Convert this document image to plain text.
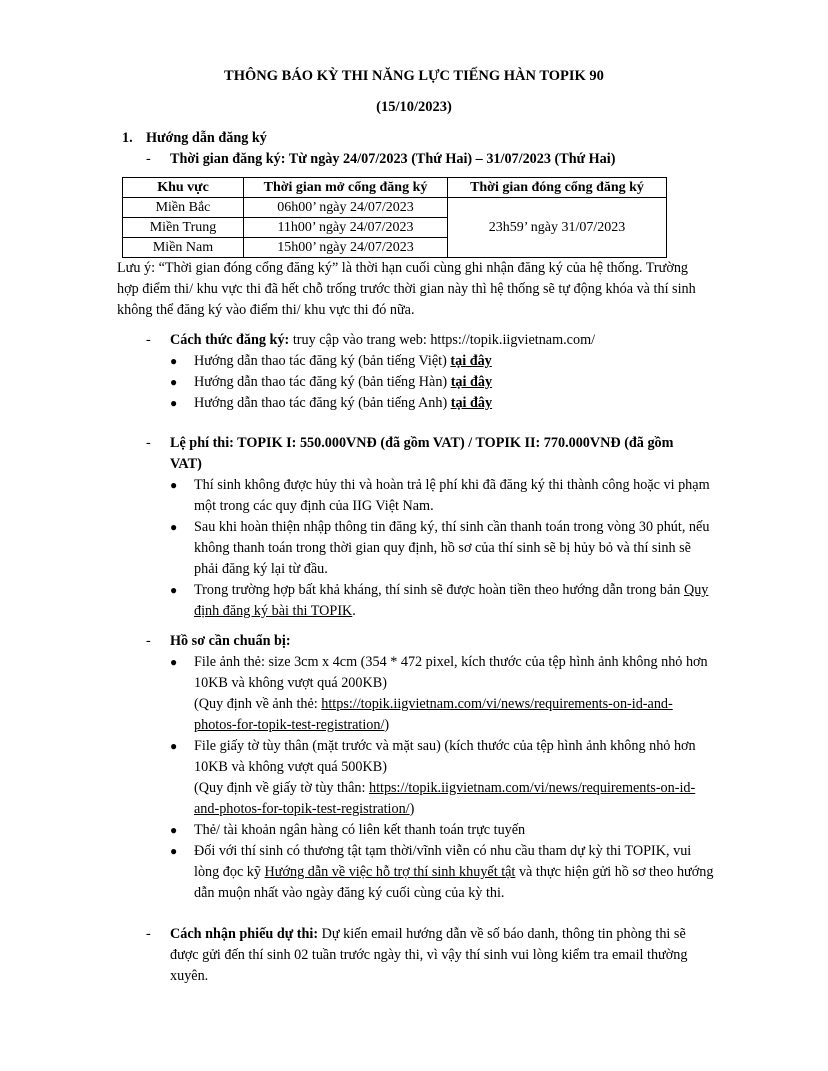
THÔNG BÁO KỲ THI NĂNG LỰC TIẾNG HÀN TOPIK 90
(15/10/2023)
1. Hướng dẫn đăng ký
- Thời gian đăng ký: Từ ngày 24/07/2023 (Thứ Hai) – 31/07/2023 (Thứ Hai)
Khu vực	Thời gian mở cổng đăng ký	Thời gian đóng cổng đăng ký
Miền Bắc	06h00’ ngày 24/07/2023	23h59’ ngày 31/07/2023
Miền Trung	11h00’ ngày 24/07/2023	
Miền Nam	15h00’ ngày 24/07/2023	
Lưu ý: “Thời gian đóng cổng đăng ký” là thời hạn cuối cùng ghi nhận đăng ký của hệ thống. Trường
hợp điểm thi/ khu vực thi đã hết chỗ trống trước thời gian này thì hệ thống sẽ tự động khóa và thí sinh
không thể đăng ký vào điểm thi/ khu vực thi đó nữa.
- Cách thức đăng ký: truy cập vào trang web: https://topik.iigvietnam.com/
● Hướng dẫn thao tác đăng ký (bản tiếng Việt) tại đây
● Hướng dẫn thao tác đăng ký (bản tiếng Hàn) tại đây
● Hướng dẫn thao tác đăng ký (bản tiếng Anh) tại đây
- Lệ phí thi: TOPIK I: 550.000VNĐ (đã gồm VAT) / TOPIK II: 770.000VNĐ (đã gồm
VAT)
● Thí sinh không được hủy thi và hoàn trả lệ phí khi đã đăng ký thi thành công hoặc vi phạm
một trong các quy định của IIG Việt Nam.
● Sau khi hoàn thiện nhập thông tin đăng ký, thí sinh cần thanh toán trong vòng 30 phút, nếu
không thanh toán trong thời gian quy định, hồ sơ của thí sinh sẽ bị hủy bỏ và thí sinh sẽ
phải đăng ký lại từ đầu.
● Trong trường hợp bất khả kháng, thí sinh sẽ được hoàn tiền theo hướng dẫn trong bản Quy
định đăng ký bài thi TOPIK.
- Hồ sơ cần chuẩn bị:
● File ảnh thẻ: size 3cm x 4cm (354 * 472 pixel, kích thước của tệp hình ảnh không nhỏ hơn
10KB và không vượt quá 200KB)
(Quy định về ảnh thẻ: https://topik.iigvietnam.com/vi/news/requirements-on-id-and-
photos-for-topik-test-registration/)
● File giấy tờ tùy thân (mặt trước và mặt sau) (kích thước của tệp hình ảnh không nhỏ hơn
10KB và không vượt quá 500KB)
(Quy định về giấy tờ tùy thân: https://topik.iigvietnam.com/vi/news/requirements-on-id-
and-photos-for-topik-test-registration/)
● Thẻ/ tài khoản ngân hàng có liên kết thanh toán trực tuyến
● Đối với thí sinh có thương tật tạm thời/vĩnh viễn có nhu cầu tham dự kỳ thi TOPIK, vui
lòng đọc kỹ Hướng dẫn về việc hỗ trợ thí sinh khuyết tật và thực hiện gửi hồ sơ theo hướng
dẫn muộn nhất vào ngày đăng ký cuối cùng của kỳ thi.
- Cách nhận phiếu dự thi: Dự kiến email hướng dẫn về số báo danh, thông tin phòng thi sẽ
được gửi đến thí sinh 02 tuần trước ngày thi, vì vậy thí sinh vui lòng kiểm tra email thường
xuyên.
